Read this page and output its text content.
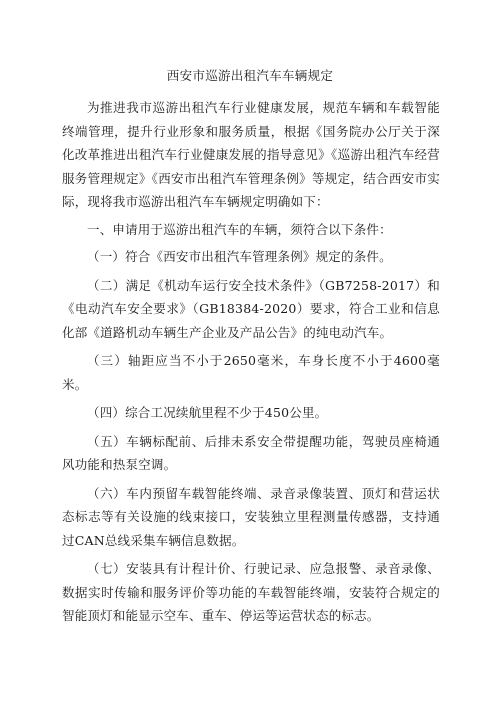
西安市巡游出租汽车车辆规定

为推进我市巡游出租汽车行业健康发展，规范车辆和车载智能终端管理，提升行业形象和服务质量，根据《国务院办公厅关于深化改革推进出租汽车行业健康发展的指导意见》《巡游出租汽车经营服务管理规定》《西安市出租汽车管理条例》等规定，结合西安市实际，现将我市巡游出租汽车车辆规定明确如下：

一、申请用于巡游出租汽车的车辆，须符合以下条件：

（一）符合《西安市出租汽车管理条例》规定的条件。

（二）满足《机动车运行安全技术条件》（GB7258-2017）和《电动汽车安全要求》（GB18384-2020）要求，符合工业和信息化部《道路机动车辆生产企业及产品公告》的纯电动汽车。

（三）轴距应当不小于2650毫米，车身长度不小于4600毫米。

（四）综合工况续航里程不少于450公里。

（五）车辆标配前、后排未系安全带提醒功能，驾驶员座椅通风功能和热泵空调。

（六）车内预留车载智能终端、录音录像装置、顶灯和营运状态标志等有关设施的线束接口，安装独立里程测量传感器，支持通过CAN总线采集车辆信息数据。

（七）安装具有计程计价、行驶记录、应急报警、录音录像、数据实时传输和服务评价等功能的车载智能终端，安装符合规定的智能顶灯和能显示空车、重车、停运等运营状态的标志。
